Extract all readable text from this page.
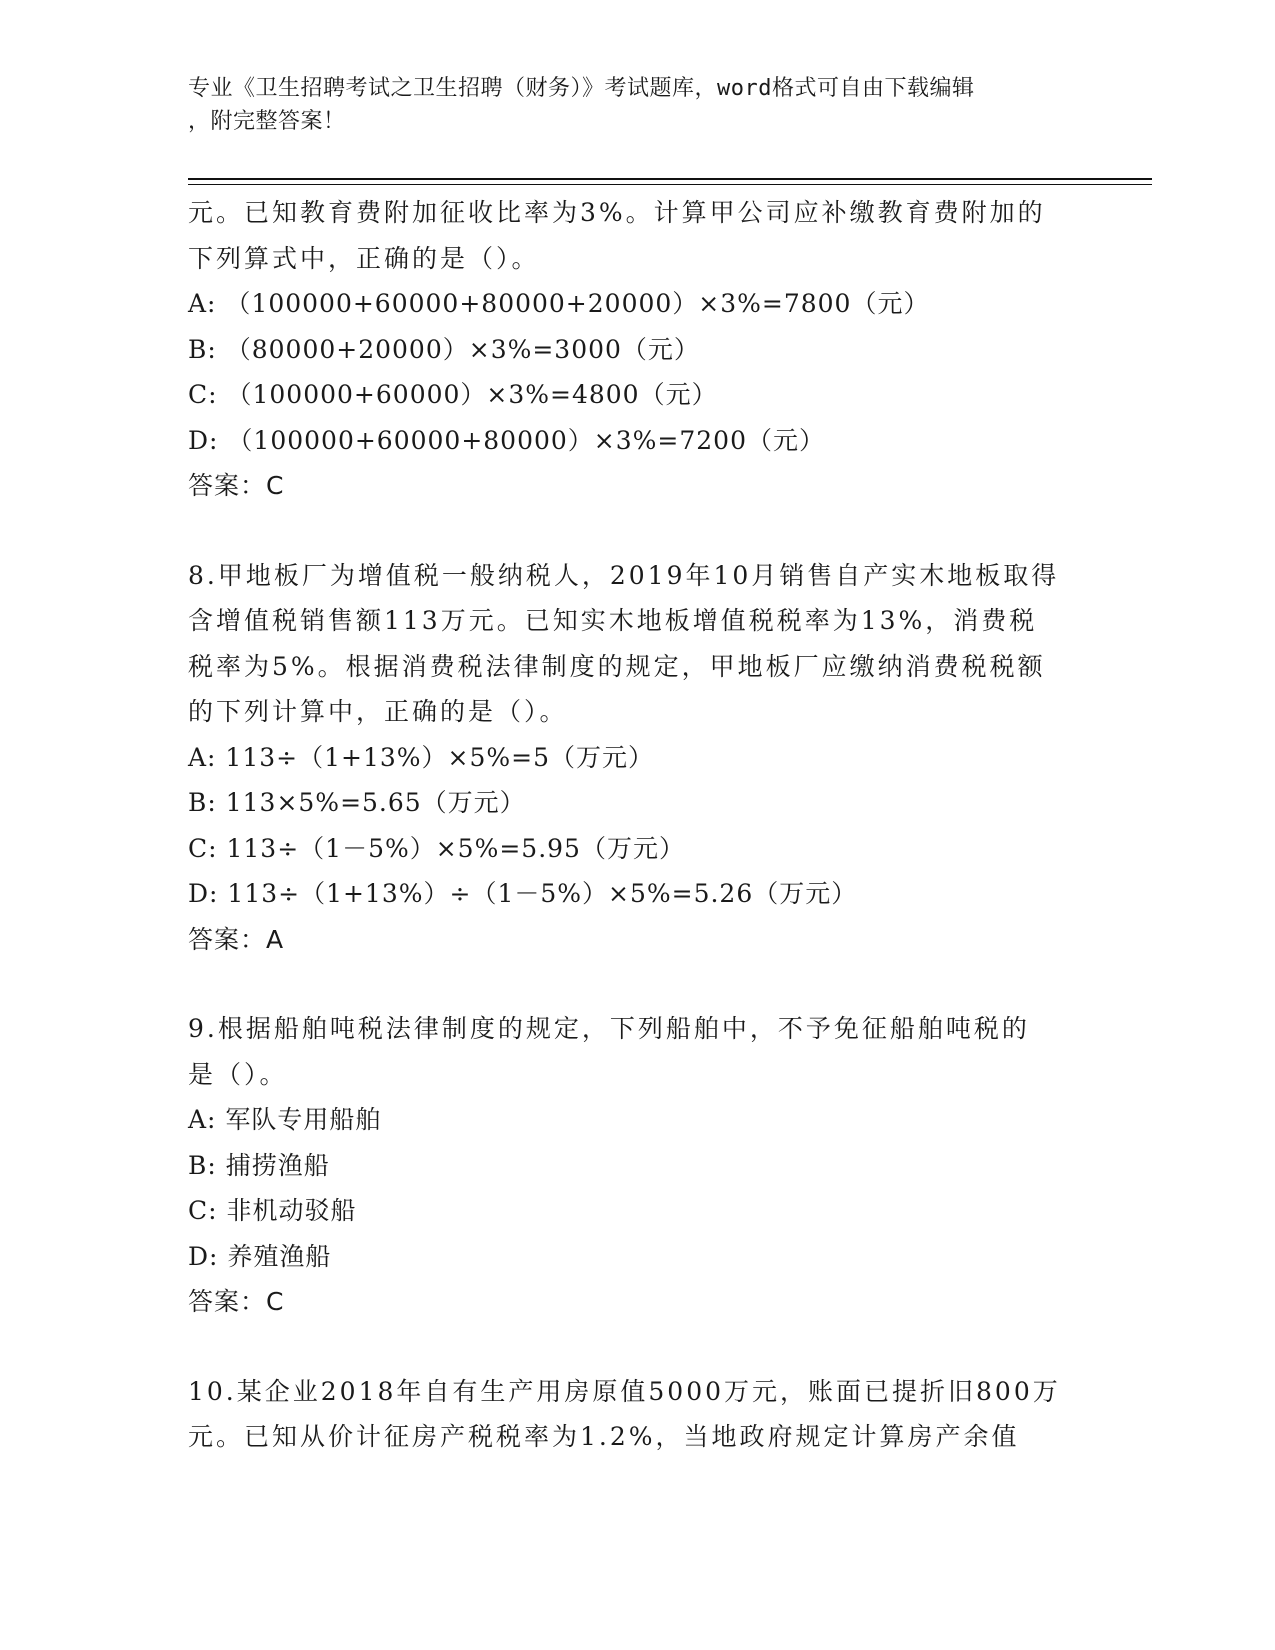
专业《卫生招聘考试之卫生招聘（财务）》考试题库，word格式可自由下载编辑
，附完整答案！
元。已知教育费附加征收比率为3%。计算甲公司应补缴教育费附加的
下列算式中，正确的是（）。
A: （100000+60000+80000+20000）×3%=7800（元）
B: （80000+20000）×3%=3000（元）
C: （100000+60000）×3%=4800（元）
D: （100000+60000+80000）×3%=7200（元）
答案：C
8.甲地板厂为增值税一般纳税人，2019年10月销售自产实木地板取得
含增值税销售额113万元。已知实木地板增值税税率为13%，消费税
税率为5%。根据消费税法律制度的规定，甲地板厂应缴纳消费税税额
的下列计算中，正确的是（）。
A: 113÷（1+13%）×5%=5（万元）
B: 113×5%=5.65（万元）
C: 113÷（1－5%）×5%=5.95（万元）
D: 113÷（1+13%）÷（1－5%）×5%=5.26（万元）
答案：A
9.根据船舶吨税法律制度的规定，下列船舶中，不予免征船舶吨税的
是（）。
A: 军队专用船舶
B: 捕捞渔船
C: 非机动驳船
D: 养殖渔船
答案：C
10.某企业2018年自有生产用房原值5000万元，账面已提折旧800万
元。已知从价计征房产税税率为1.2%，当地政府规定计算房产余值
